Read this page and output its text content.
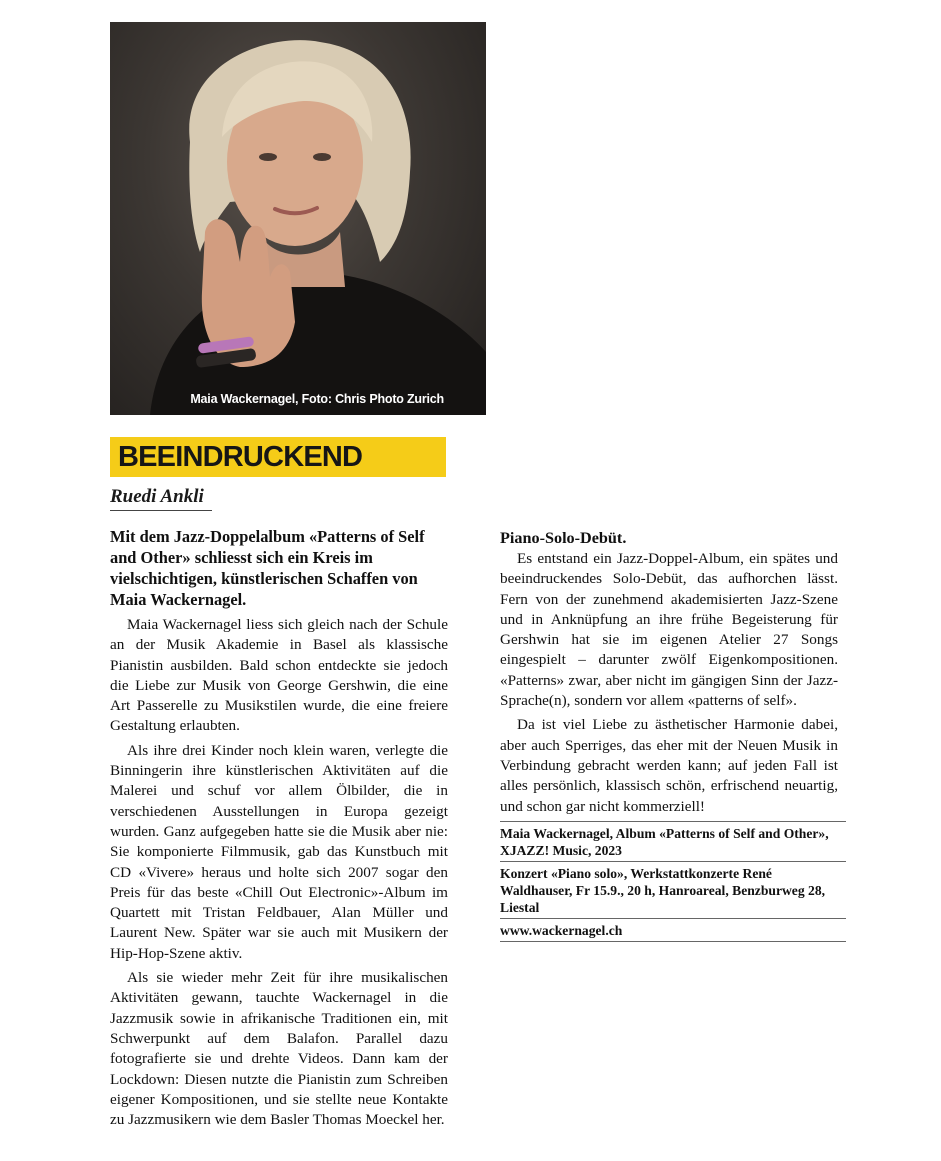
Maia Wackernagel, Foto: Chris Photo Zurich
BEEINDRUCKEND

Ruedi Ankli

Mit dem Jazz-Doppelalbum «Patterns of Self and Other» schliesst sich ein Kreis im vielschichtigen, künstlerischen Schaffen von Maia Wackernagel.

Maia Wackernagel liess sich gleich nach der Schule an der Musik Akademie in Basel als klassische Pianistin ausbilden. Bald schon entdeckte sie jedoch die Liebe zur Musik von George Gershwin, die eine Art Passerelle zu Musikstilen wurde, die eine freiere Gestaltung erlaubten.

Als ihre drei Kinder noch klein waren, verlegte die Binningerin ihre künstlerischen Aktivitäten auf die Malerei und schuf vor allem Ölbilder, die in verschiedenen Ausstellungen in Europa gezeigt wurden. Ganz aufgegeben hatte sie die Musik aber nie: Sie komponierte Filmmusik, gab das Kunstbuch mit CD «Vivere» heraus und holte sich 2007 sogar den Preis für das beste «Chill Out Electronic»-Album im Quartett mit Tristan Feldbauer, Alan Müller und Laurent New. Später war sie auch mit Musikern der Hip-Hop-Szene aktiv.

Als sie wieder mehr Zeit für ihre musikalischen Aktivitäten gewann, tauchte Wackernagel in die Jazzmusik sowie in afrikanische Traditionen ein, mit Schwerpunkt auf dem Balafon. Parallel dazu fotografierte sie und drehte Videos. Dann kam der Lockdown: Diesen nutzte die Pianistin zum Schreiben eigener Kompositionen, und sie stellte neue Kontakte zu Jazzmusikern wie dem Basler Thomas Moeckel her.

Piano-Solo-Debüt.

Es entstand ein Jazz-Doppel-Album, ein spätes und beeindruckendes Solo-Debüt, das aufhorchen lässt. Fern von der zunehmend akademisierten Jazz-Szene und in Anknüpfung an ihre frühe Begeisterung für Gershwin hat sie im eigenen Atelier 27 Songs eingespielt – darunter zwölf Eigenkompositionen. «Patterns» zwar, aber nicht im gängigen Sinn der Jazz-Sprache(n), sondern vor allem «patterns of self».

Da ist viel Liebe zu ästhetischer Harmonie dabei, aber auch Sperriges, das eher mit der Neuen Musik in Verbindung gebracht werden kann; auf jeden Fall ist alles persönlich, klassisch schön, erfrischend neuartig, und schon gar nicht kommerziell!

Maia Wackernagel, Album «Patterns of Self and Other», XJAZZ! Music, 2023

Konzert «Piano solo», Werkstattkonzerte René Waldhauser, Fr 15.9., 20 h, Hanroareal, Benzburweg 28, Liestal

www.wackernagel.ch
